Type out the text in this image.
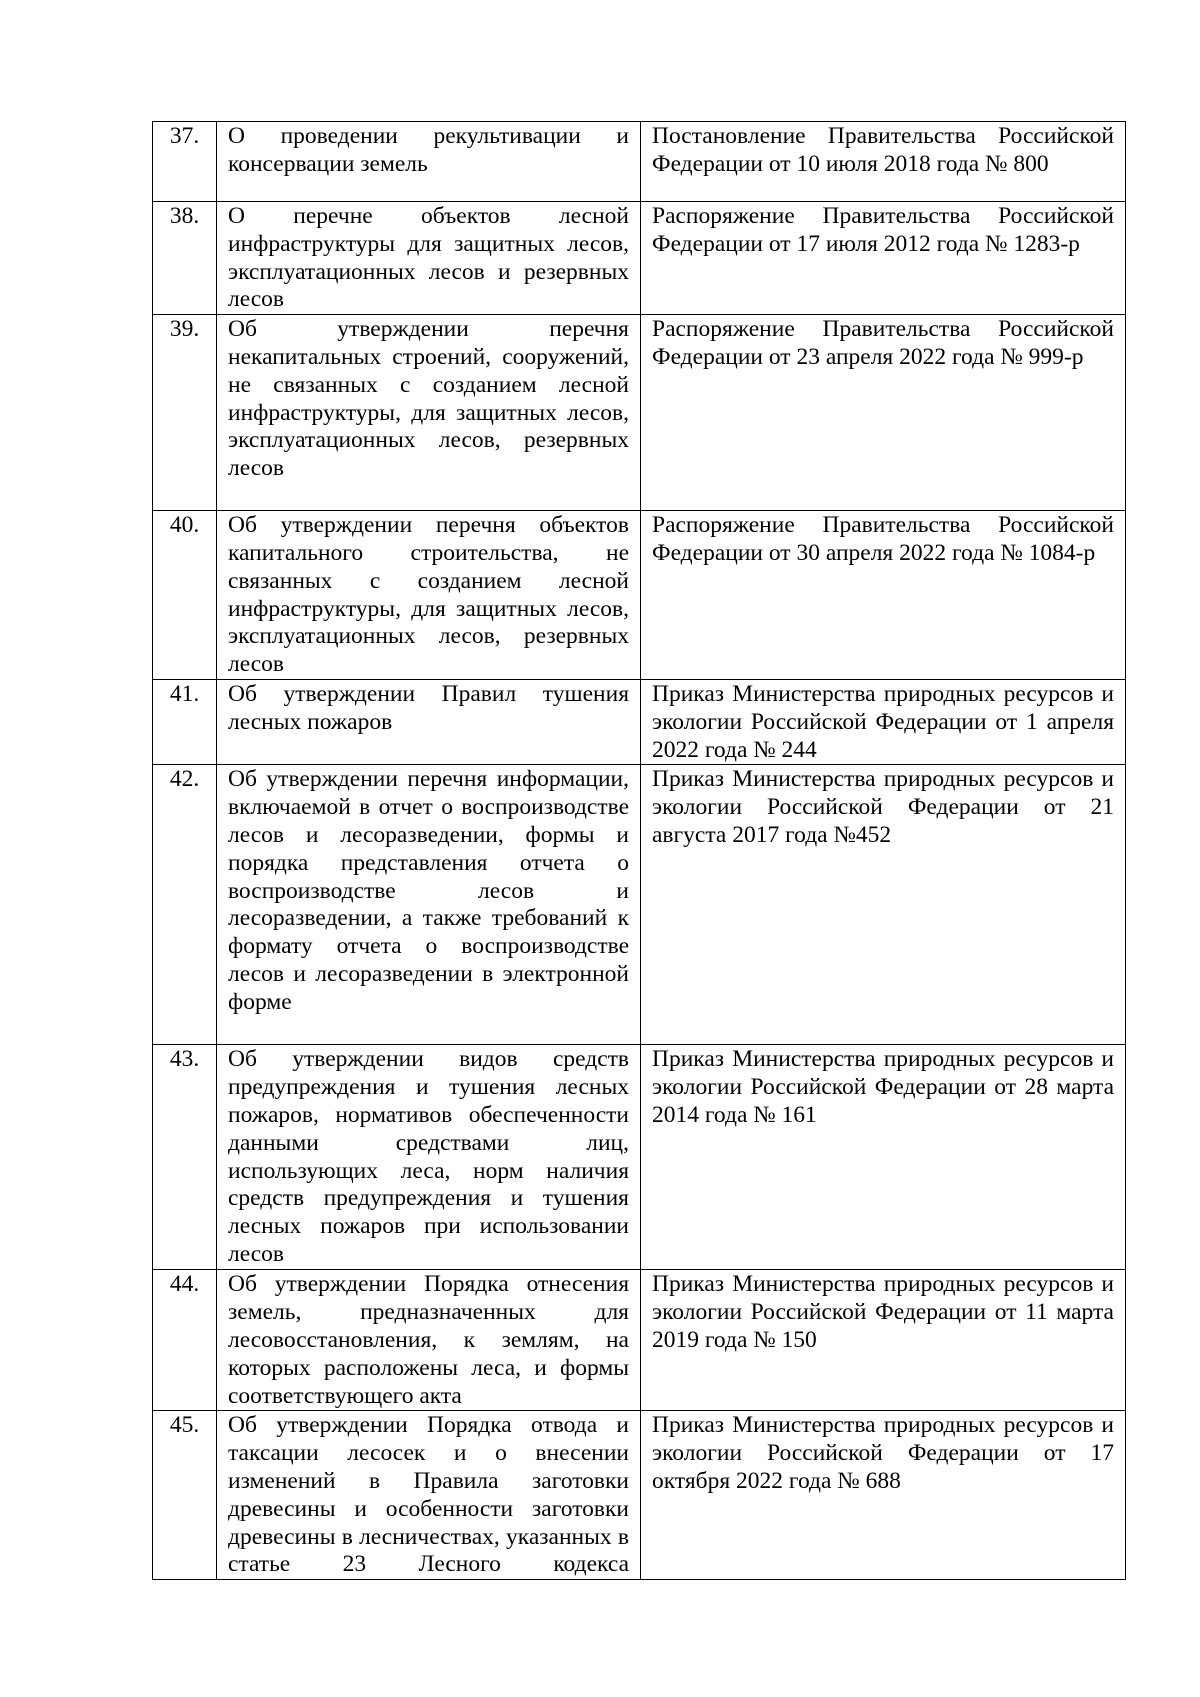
37.	О проведении рекультивации и консервации земель	Постановление Правительства Российской Федерации от 10 июля 2018 года № 800

38.	О перечне объектов лесной инфраструктуры для защитных лесов, эксплуатационных лесов и резервных лесов	Распоряжение Правительства Российской Федерации от 17 июля 2012 года № 1283-р

39.	Об утверждении перечня некапитальных строений, сооружений, не связанных с созданием лесной инфраструктуры, для защитных лесов, эксплуатационных лесов, резервных лесов	Распоряжение Правительства Российской Федерации от 23 апреля 2022 года № 999-р

40.	Об утверждении перечня объектов капитального строительства, не связанных с созданием лесной инфраструктуры, для защитных лесов, эксплуатационных лесов, резервных лесов	Распоряжение Правительства Российской Федерации от 30 апреля 2022 года № 1084-р

41.	Об утверждении Правил тушения лесных пожаров	Приказ Министерства природных ресурсов и экологии Российской Федерации от 1 апреля 2022 года № 244

42.	Об утверждении перечня информации, включаемой в отчет о воспроизводстве лесов и лесоразведении, формы и порядка представления отчета о воспроизводстве лесов и лесоразведении, а также требований к формату отчета о воспроизводстве лесов и лесоразведении в электронной форме	Приказ Министерства природных ресурсов и экологии Российской Федерации от 21 августа 2017 года №452

43.	Об утверждении видов средств предупреждения и тушения лесных пожаров, нормативов обеспеченности данными средствами лиц, использующих леса, норм наличия средств предупреждения и тушения лесных пожаров при использовании лесов	Приказ Министерства природных ресурсов и экологии Российской Федерации от 28 марта 2014 года № 161

44.	Об утверждении Порядка отнесения земель, предназначенных для лесовосстановления, к землям, на которых расположены леса, и формы соответствующего акта	Приказ Министерства природных ресурсов и экологии Российской Федерации от 11 марта 2019 года № 150

45.	Об утверждении Порядка отвода и таксации лесосек и о внесении изменений в Правила заготовки древесины и особенности заготовки древесины в лесничествах, указанных в статье 23 Лесного кодекса	Приказ Министерства природных ресурсов и экологии Российской Федерации от 17 октября 2022 года № 688
